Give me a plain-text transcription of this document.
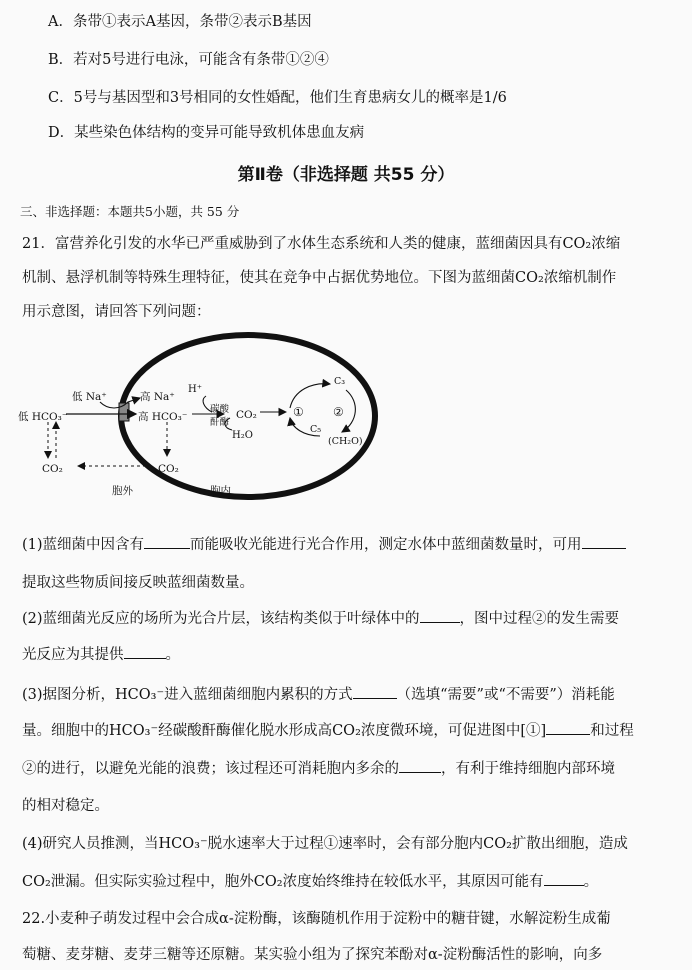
A．条带①表示A基因，条带②表示B基因
B．若对5号进行电泳，可能含有条带①②④
C．5号与基因型和3号相同的女性婚配，他们生育患病女儿的概率是1/6
D．某些染色体结构的变异可能导致机体患血友病
第Ⅱ卷（非选择题 共55 分）
三、非选择题：本题共5小题，共 55 分
21．富营养化引发的水华已严重威胁到了水体生态系统和人类的健康，蓝细菌因具有CO₂浓缩
机制、悬浮机制等特殊生理特征，使其在竞争中占据优势地位。下图为蓝细菌CO₂浓缩机制作
用示意图，请回答下列问题：
低 Na⁺	高 Na⁺
H⁺
低 HCO₃⁻	高 HCO₃⁻
碳酸
酐酶
CO₂
H₂O
C₃
C₅
(CH₂O)
① ②
CO₂	CO₂
胞外	胞内
(1)蓝细菌中因含有	而能吸收光能进行光合作用，测定水体中蓝细菌数量时，可用
提取这些物质间接反映蓝细菌数量。
(2)蓝细菌光反应的场所为光合片层，该结构类似于叶绿体中的	，图中过程②的发生需要
光反应为其提供	。
(3)据图分析，HCO₃⁻进入蓝细菌细胞内累积的方式	（选填“需要”或“不需要”）消耗能
量。细胞中的HCO₃⁻经碳酸酐酶催化脱水形成高CO₂浓度微环境，可促进图中[①]	和过程
②的进行，以避免光能的浪费；该过程还可消耗胞内多余的	，有利于维持细胞内部环境
的相对稳定。
(4)研究人员推测，当HCO₃⁻脱水速率大于过程①速率时，会有部分胞内CO₂扩散出细胞，造成
CO₂泄漏。但实际实验过程中，胞外CO₂浓度始终维持在较低水平，其原因可能有	。
22.小麦种子萌发过程中会合成α-淀粉酶，该酶随机作用于淀粉中的糖苷键，水解淀粉生成葡
萄糖、麦芽糖、麦芽三糖等还原糖。某实验小组为了探究苯酚对α-淀粉酶活性的影响，向多
